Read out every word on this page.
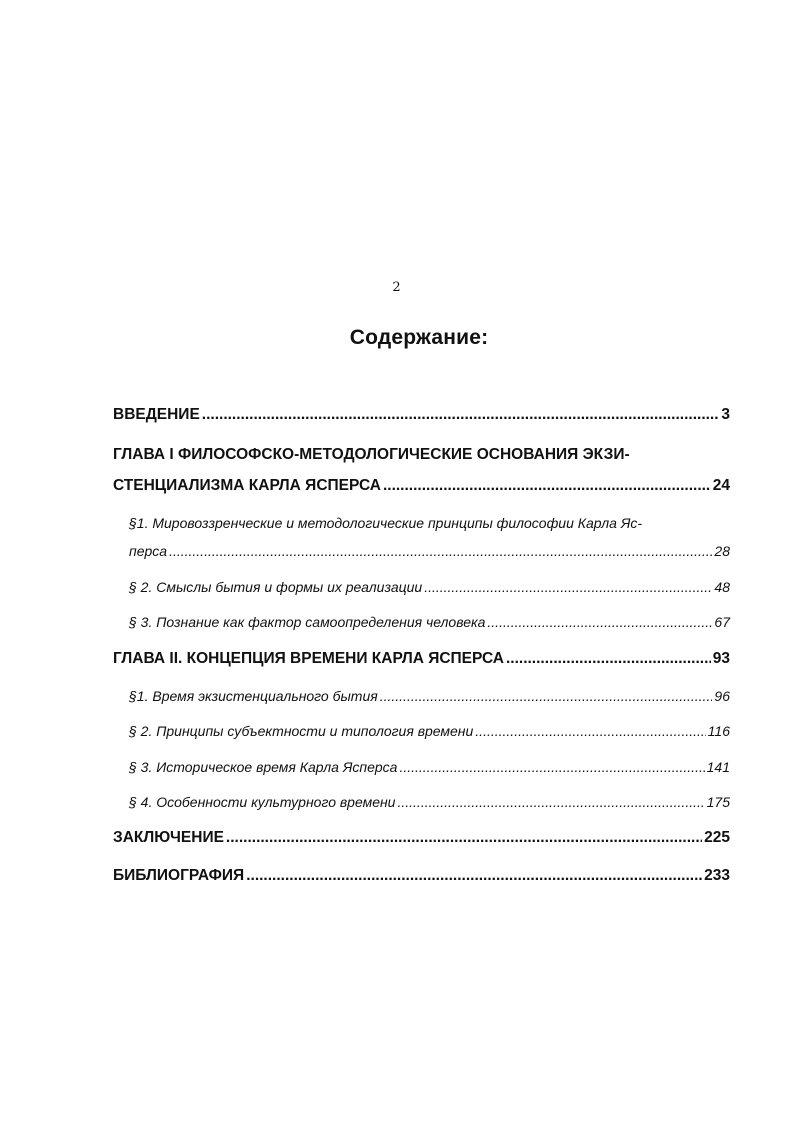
2
Содержание:
ВВЕДЕНИЕ .....	3
ГЛАВА I ФИЛОСОФСКО-МЕТОДОЛОГИЧЕСКИЕ ОСНОВАНИЯ ЭКЗИ-
СТЕНЦИАЛИЗМА КАРЛА ЯСПЕРСА .....	24
§1. Мировоззренческие и методологические принципы философии Карла Яс-
перса .....	28
§ 2. Смыслы бытия и формы их реализации .....	48
§ 3. Познание как фактор самоопределения человека .....	67
ГЛАВА II. КОНЦЕПЦИЯ ВРЕМЕНИ КАРЛА ЯСПЕРСА .....	93
§1. Время экзистенциального бытия .....	96
§ 2. Принципы субъектности и типология времени .....	116
§ 3. Историческое время Карла Ясперса .....	141
§ 4. Особенности культурного времени .....	175
ЗАКЛЮЧЕНИЕ .....	225
БИБЛИОГРАФИЯ .....	233
